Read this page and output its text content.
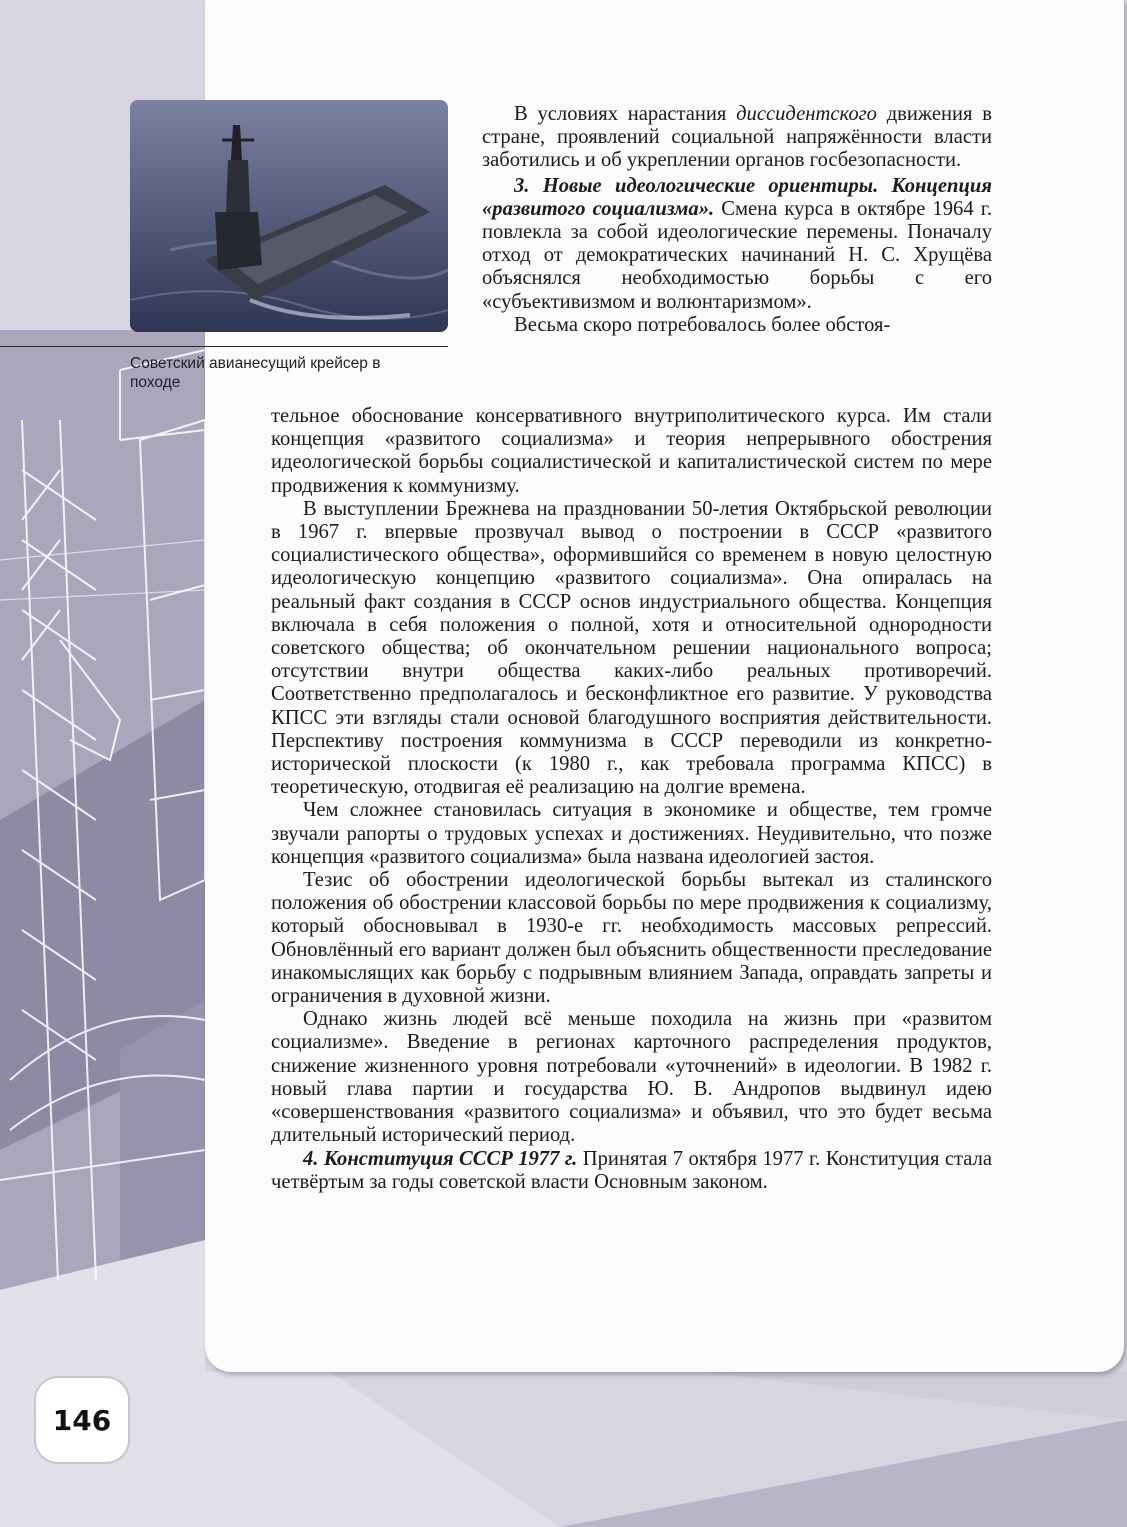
Советский авианесущий крейсер в походе

В условиях нарастания диссидентского движения в стране, проявлений социальной напряжённости власти заботились и об укреплении органов госбезопасности.

3. Новые идеологические ориентиры. Концепция «развитого социализма». Смена курса в октябре 1964 г. повлекла за собой идеологические перемены. Поначалу отход от демократических начинаний Н. С. Хрущёва объяснялся необходимостью борьбы с его «субъективизмом и волюнтаризмом».

Весьма скоро потребовалось более обстоя-

тельное обоснование консервативного внутриполитического курса. Им стали концепция «развитого социализма» и теория непрерывного обострения идеологической борьбы социалистической и капиталистической систем по мере продвижения к коммунизму.

В выступлении Брежнева на праздновании 50-летия Октябрьской революции в 1967 г. впервые прозвучал вывод о построении в СССР «развитого социалистического общества», оформившийся со временем в новую целостную идеологическую концепцию «развитого социализма». Она опиралась на реальный факт создания в СССР основ индустриального общества. Концепция включала в себя положения о полной, хотя и относительной однородности советского общества; об окончательном решении национального вопроса; отсутствии внутри общества каких-либо реальных противоречий. Соответственно предполагалось и бесконфликтное его развитие. У руководства КПСС эти взгляды стали основой благодушного восприятия действительности. Перспективу построения коммунизма в СССР переводили из конкретно-исторической плоскости (к 1980 г., как требовала программа КПСС) в теоретическую, отодвигая её реализацию на долгие времена.

Чем сложнее становилась ситуация в экономике и обществе, тем громче звучали рапорты о трудовых успехах и достижениях. Неудивительно, что позже концепция «развитого социализма» была названа идеологией застоя.

Тезис об обострении идеологической борьбы вытекал из сталинского положения об обострении классовой борьбы по мере продвижения к социализму, который обосновывал в 1930-е гг. необходимость массовых репрессий. Обновлённый его вариант должен был объяснить общественности преследование инакомыслящих как борьбу с подрывным влиянием Запада, оправдать запреты и ограничения в духовной жизни.

Однако жизнь людей всё меньше походила на жизнь при «развитом социализме». Введение в регионах карточного распределения продуктов, снижение жизненного уровня потребовали «уточнений» в идеологии. В 1982 г. новый глава партии и государства Ю. В. Андропов выдвинул идею «совершенствования «развитого социализма» и объявил, что это будет весьма длительный исторический период.

4. Конституция СССР 1977 г. Принятая 7 октября 1977 г. Конституция стала четвёртым за годы советской власти Основным законом.

146
